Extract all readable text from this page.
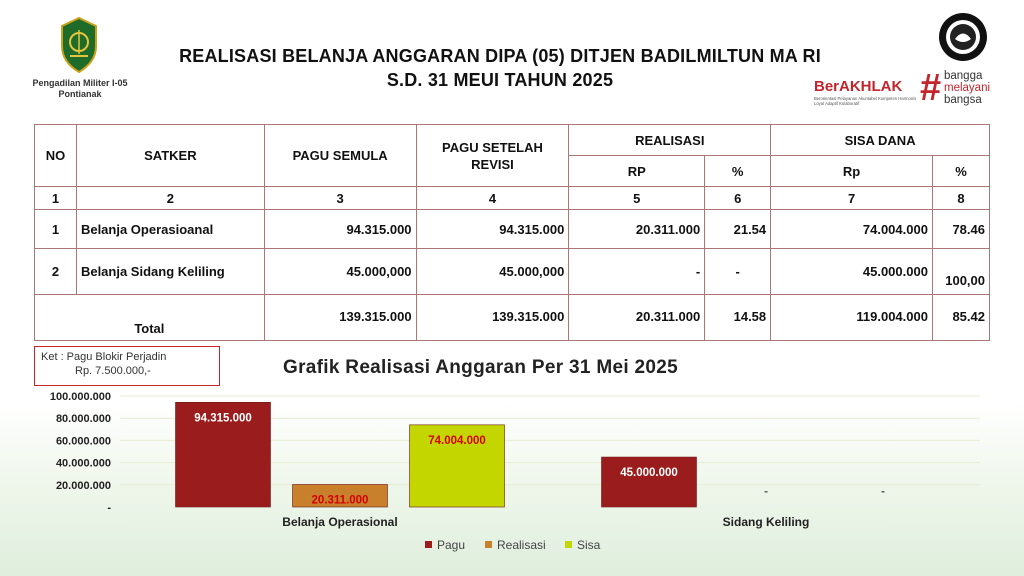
Pengadilan Militer I-05
Pontianak
REALISASI BELANJA ANGGARAN DIPA (05) DITJEN BADILMILTUN MA RI
S.D. 31 MEUI TAHUN 2025	BerAKHLAK
Berorientasi Pelayanan Akuntabel Kompeten Harmonis Loyal Adaptif Kolaboratif	# bangga
melayani
bangsa
NO	SATKER	PAGU SEMULA	PAGU SETELAH REVISI	REALISASI		SISA DANA	
				RP	%	Rp	%
1	2	3	4	5	6	7	8
1	Belanja Operasioanal	94.315.000	94.315.000	20.311.000	21.54	74.004.000	78.46
2	Belanja Sidang Keliling	45.000,000	45.000,000	-	-	45.000.000	100,00
Total		139.315.000	139.315.000	20.311.000	14.58	119.004.000	85.42
Ket : Pagu Blokir Perjadin
Rp. 7.500.000,-	Grafik Realisasi Anggaran Per 31 Mei 2025
100.000.000
80.000.000
60.000.000
40.000.000
20.000.000
-
94.315.000
20.311.000
74.004.000
Belanja Operasional
45.000.000
-	-
Sidang Keliling
Pagu	Realisasi	Sisa
